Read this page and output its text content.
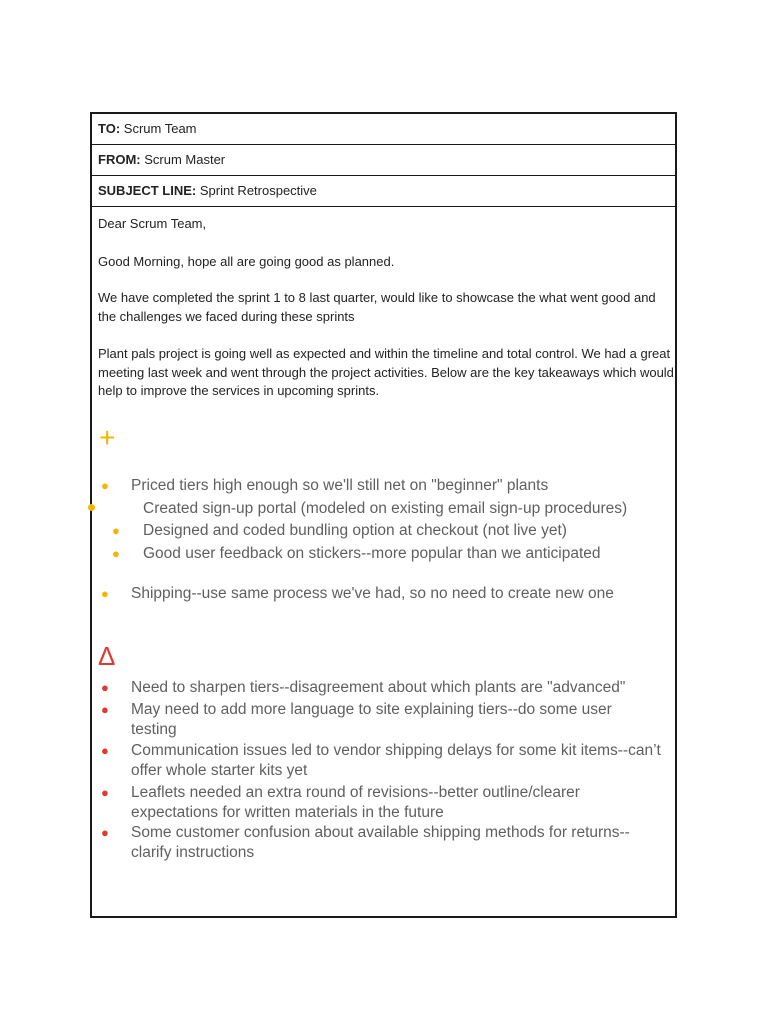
TO: Scrum Team
FROM: Scrum Master
SUBJECT LINE: Sprint Retrospective

Dear Scrum Team,

Good Morning, hope all are going good as planned.

We have completed the sprint 1 to 8 last quarter, would like to showcase the what went good and the challenges we faced during these sprints

Plant pals project is going well as expected and within the timeline and total control. We had a great meeting last week and went through the project activities. Below are the key takeaways which would help to improve the services in upcoming sprints.

+
● Priced tiers high enough so we'll still net on "beginner" plants
Created sign-up portal (modeled on existing email sign-up procedures)
● Designed and coded bundling option at checkout (not live yet)
● Good user feedback on stickers--more popular than we anticipated
● Shipping--use same process we've had, so no need to create new one
Δ
● Need to sharpen tiers--disagreement about which plants are "advanced"
● May need to add more language to site explaining tiers--do some user testing
● Communication issues led to vendor shipping delays for some kit items--can’t offer whole starter kits yet
● Leaflets needed an extra round of revisions--better outline/clearer expectations for written materials in the future
● Some customer confusion about available shipping methods for returns--clarify instructions
